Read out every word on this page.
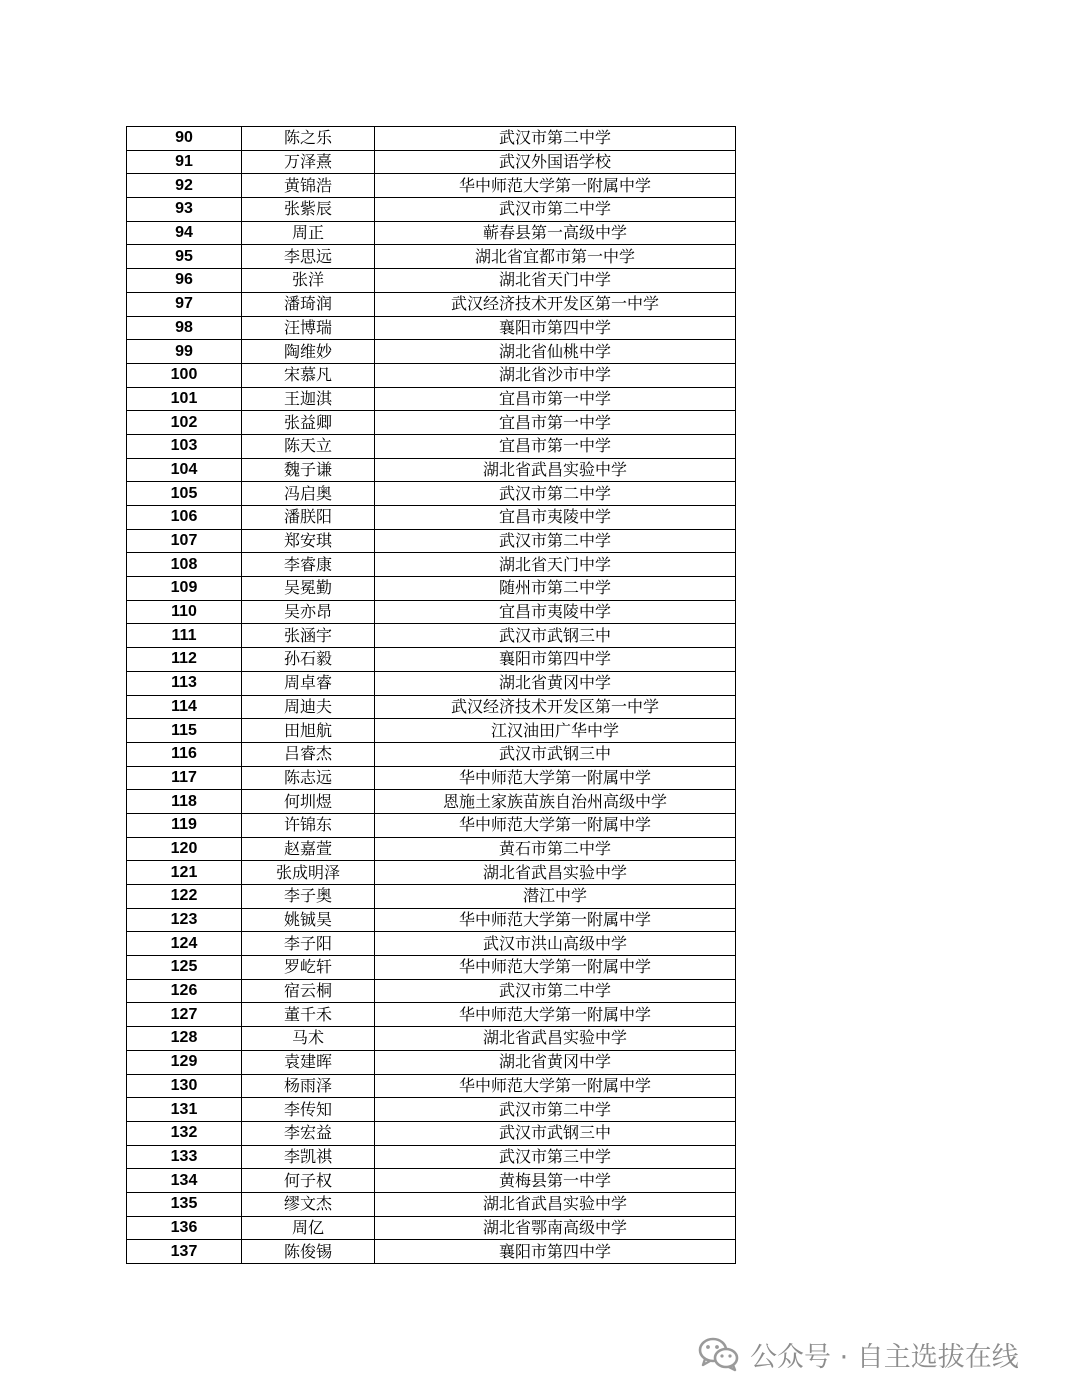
90	陈之乐	武汉市第二中学
91	万泽熹	武汉外国语学校
92	黄锦浩	华中师范大学第一附属中学
93	张紫辰	武汉市第二中学
94	周正	蕲春县第一高级中学
95	李思远	湖北省宜都市第一中学
96	张洋	湖北省天门中学
97	潘琦润	武汉经济技术开发区第一中学
98	汪博瑞	襄阳市第四中学
99	陶维妙	湖北省仙桃中学
100	宋慕凡	湖北省沙市中学
101	王迦淇	宜昌市第一中学
102	张益卿	宜昌市第一中学
103	陈天立	宜昌市第一中学
104	魏子谦	湖北省武昌实验中学
105	冯启奥	武汉市第二中学
106	潘朕阳	宜昌市夷陵中学
107	郑安琪	武汉市第二中学
108	李睿康	湖北省天门中学
109	吴冕勤	随州市第二中学
110	吴亦昂	宜昌市夷陵中学
111	张涵宇	武汉市武钢三中
112	孙石毅	襄阳市第四中学
113	周卓睿	湖北省黄冈中学
114	周迪夫	武汉经济技术开发区第一中学
115	田旭航	江汉油田广华中学
116	吕睿杰	武汉市武钢三中
117	陈志远	华中师范大学第一附属中学
118	何圳煜	恩施土家族苗族自治州高级中学
119	许锦东	华中师范大学第一附属中学
120	赵嘉萱	黄石市第二中学
121	张成明泽	湖北省武昌实验中学
122	李子奥	潜江中学
123	姚铖昊	华中师范大学第一附属中学
124	李子阳	武汉市洪山高级中学
125	罗屹轩	华中师范大学第一附属中学
126	宿云桐	武汉市第二中学
127	董千禾	华中师范大学第一附属中学
128	马术	湖北省武昌实验中学
129	袁建晖	湖北省黄冈中学
130	杨雨泽	华中师范大学第一附属中学
131	李传知	武汉市第二中学
132	李宏益	武汉市武钢三中
133	李凯祺	武汉市第三中学
134	何子权	黄梅县第一中学
135	缪文杰	湖北省武昌实验中学
136	周亿	湖北省鄂南高级中学
137	陈俊锡	襄阳市第四中学
公众号 · 自主选拔在线
